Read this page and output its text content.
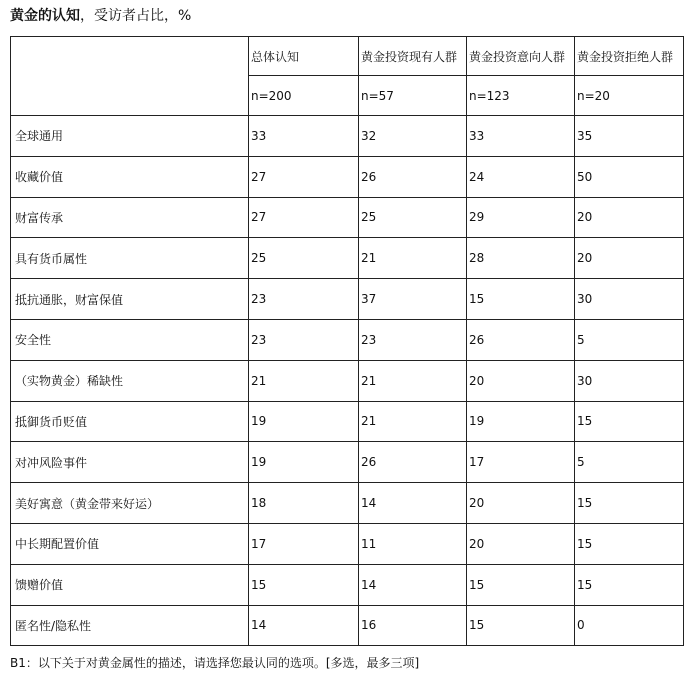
黄金的认知，受访者占比，%
	总体认知	黄金投资现有人群	黄金投资意向人群	黄金投资拒绝人群
	n=200	n=57	n=123	n=20
全球通用	33	32	33	35
收藏价值	27	26	24	50
财富传承	27	25	29	20
具有货币属性	25	21	28	20
抵抗通胀，财富保值	23	37	15	30
安全性	23	23	26	5
（实物黄金）稀缺性	21	21	20	30
抵御货币贬值	19	21	19	15
对冲风险事件	19	26	17	5
美好寓意（黄金带来好运）	18	14	20	15
中长期配置价值	17	11	20	15
馈赠价值	15	14	15	15
匿名性/隐私性	14	16	15	0
B1：以下关于对黄金属性的描述，请选择您最认同的选项。[多选，最多三项]
